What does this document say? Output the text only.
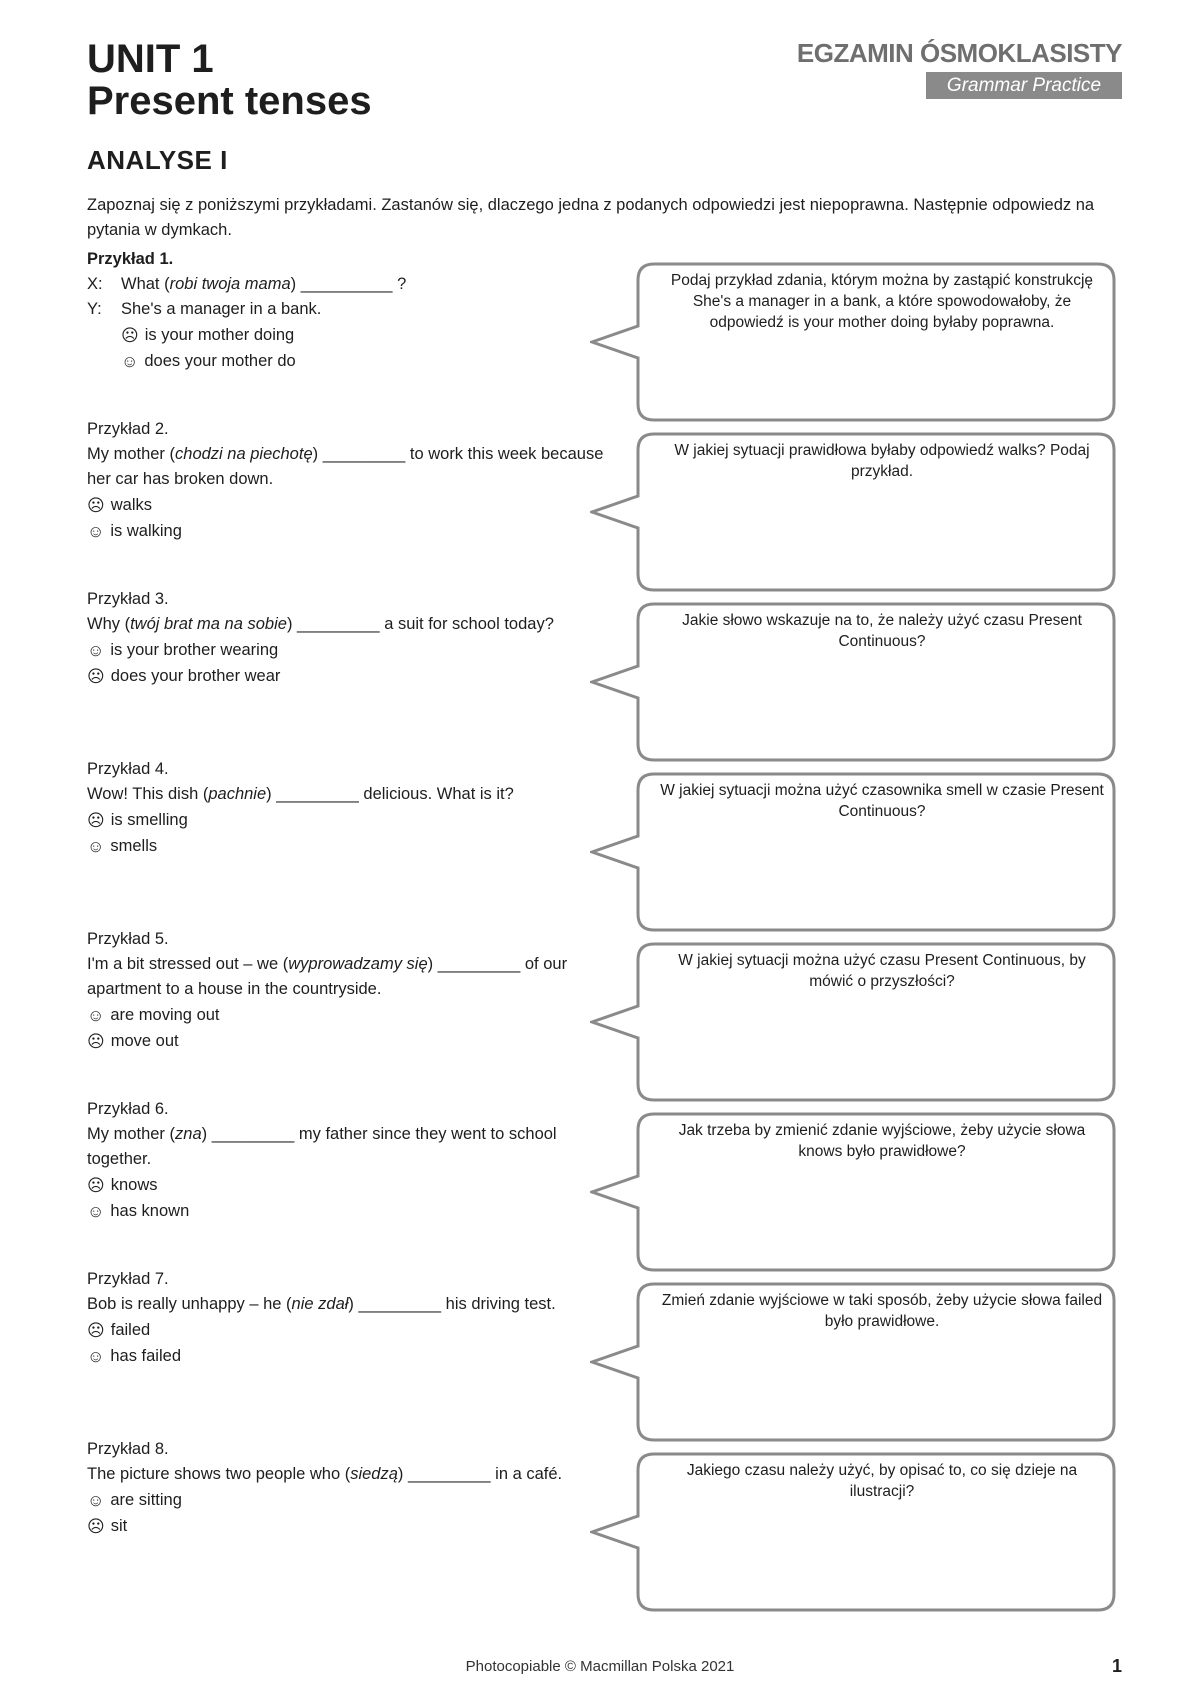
UNIT 1
Present tenses
EGZAMIN ÓSMOKLASISTY
Grammar Practice
ANALYSE I

Zapoznaj się z poniższymi przykładami. Zastanów się, dlaczego jedna z podanych odpowiedzi jest niepoprawna. Następnie odpowiedz na pytania w dymkach.

Przykład 1.
X: What (robi twoja mama) __________ ?
Y: She's a manager in a bank.
☹ is your mother doing
☺ does your mother do
Przykład 2.
My mother (chodzi na piechotę) _________ to work this week because her car has broken down.
☹ walks
☺ is walking
Przykład 3.
Why (twój brat ma na sobie) _________ a suit for school today?
☺ is your brother wearing
☹ does your brother wear
Przykład 4.
Wow! This dish (pachnie) _________ delicious. What is it?
☹ is smelling
☺ smells
Przykład 5.
I'm a bit stressed out – we (wyprowadzamy się) _________ of our apartment to a house in the countryside.
☺ are moving out
☹ move out
Przykład 6.
My mother (zna) _________ my father since they went to school together.
☹ knows
☺ has known
Przykład 7.
Bob is really unhappy – he (nie zdał) _________ his driving test.
☹ failed
☺ has failed
Przykład 8.
The picture shows two people who (siedzą) _________ in a café.
☺ are sitting
☹ sit
Podaj przykład zdania, którym można by zastąpić konstrukcję She's a manager in a bank, a które spowodowałoby, że odpowiedź is your mother doing byłaby poprawna.
W jakiej sytuacji prawidłowa byłaby odpowiedź walks? Podaj przykład.
Jakie słowo wskazuje na to, że należy użyć czasu Present Continuous?
W jakiej sytuacji można użyć czasownika smell w czasie Present Continuous?
W jakiej sytuacji można użyć czasu Present Continuous, by mówić o przyszłości?
Jak trzeba by zmienić zdanie wyjściowe, żeby użycie słowa knows było prawidłowe?
Zmień zdanie wyjściowe w taki sposób, żeby użycie słowa failed było prawidłowe.
Jakiego czasu należy użyć, by opisać to, co się dzieje na ilustracji?
Photocopiable © Macmillan Polska 2021	1
